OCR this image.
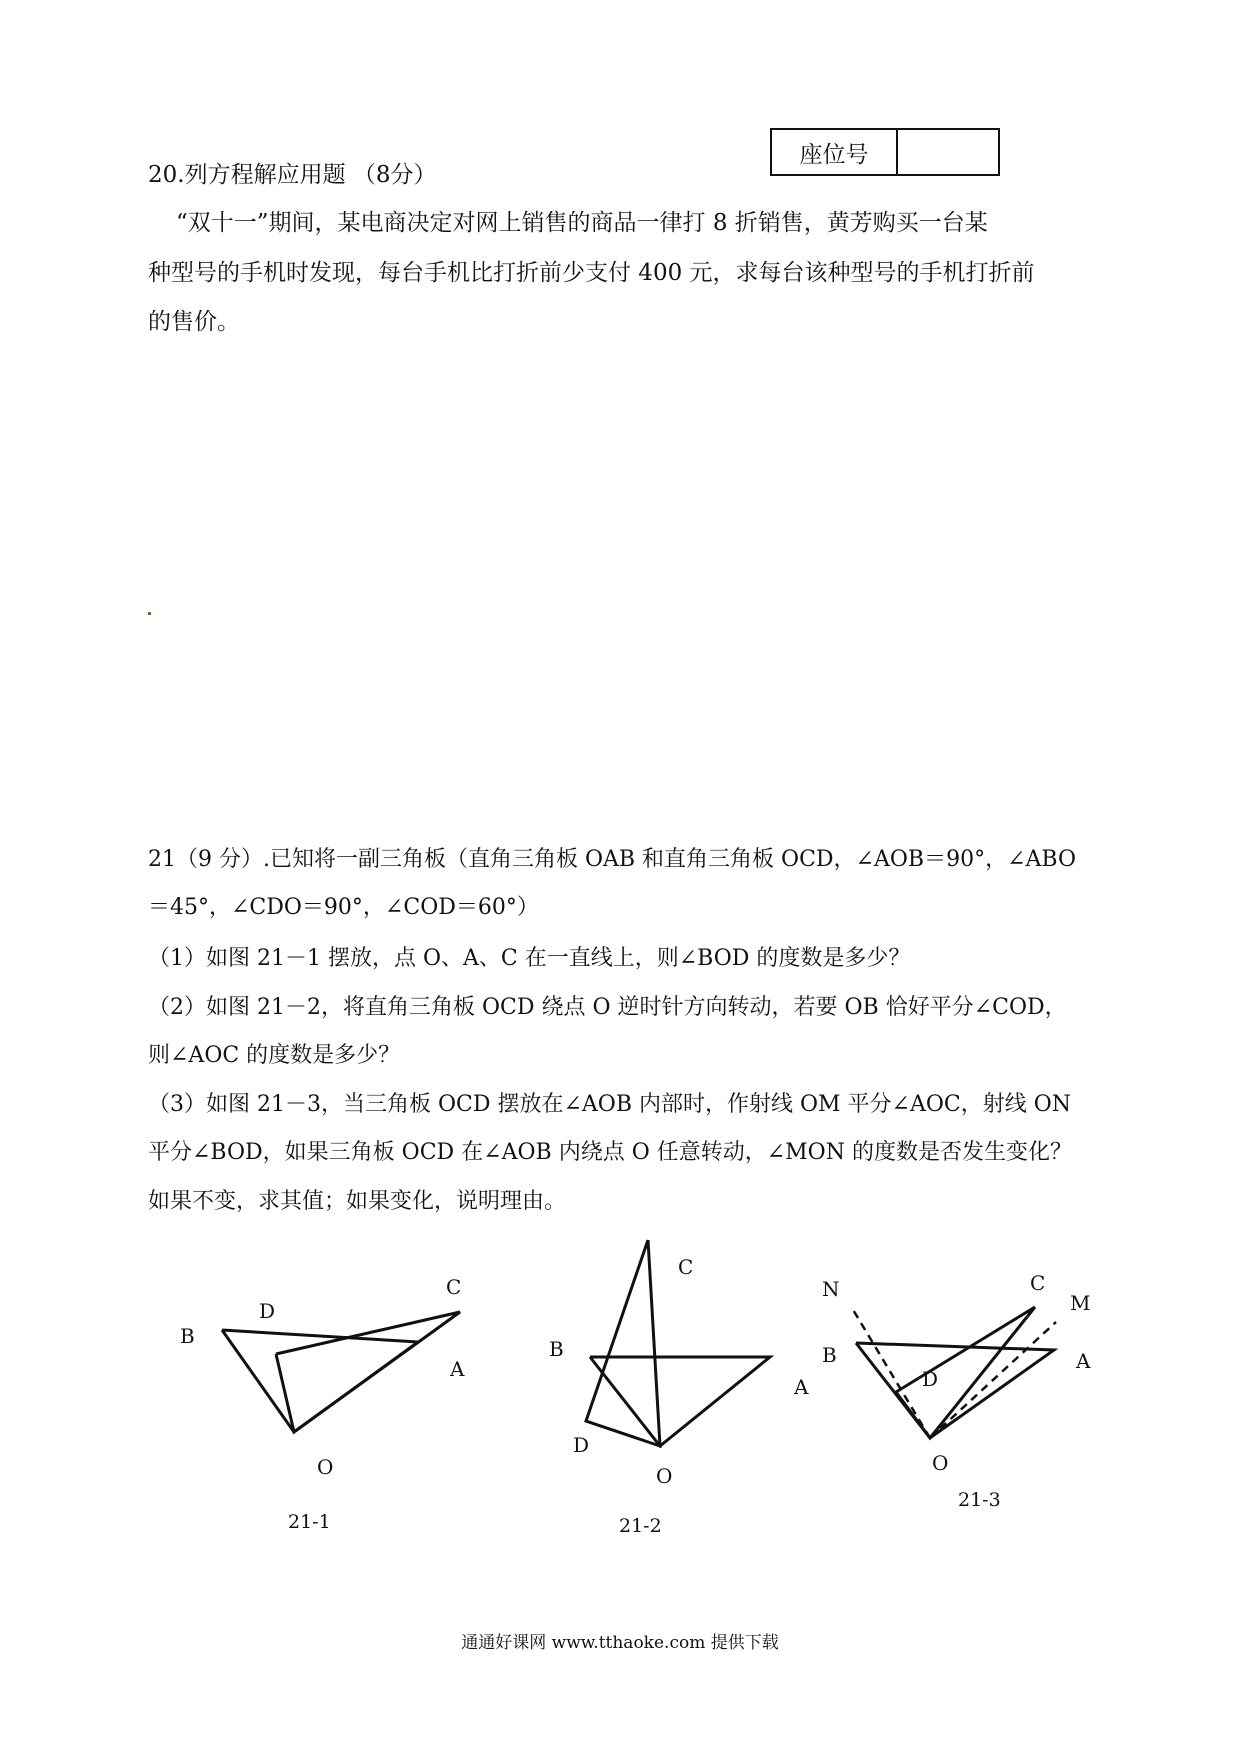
座位号
20.列方程解应用题 （8分）
“双十一”期间，某电商决定对网上销售的商品一律打 8 折销售，黄芳购买一台某
种型号的手机时发现，每台手机比打折前少支付 400 元，求每台该种型号的手机打折前
的售价。
21（9 分）.已知将一副三角板（直角三角板 OAB 和直角三角板 OCD，∠AOB＝90°，∠ABO
＝45°，∠CDO＝90°，∠COD＝60°）
（1）如图 21－1 摆放，点 O、A、C 在一直线上，则∠BOD 的度数是多少？
（2）如图 21－2，将直角三角板 OCD 绕点 O 逆时针方向转动，若要 OB 恰好平分∠COD，
则∠AOC 的度数是多少？
（3）如图 21－3，当三角板 OCD 摆放在∠AOB 内部时，作射线 OM 平分∠AOC，射线 ON
平分∠BOD，如果三角板 OCD 在∠AOB 内绕点 O 任意转动，∠MON 的度数是否发生变化？
如果不变，求其值；如果变化，说明理由。
B
D
C
A
O
21-1
C
B
A
D
O
21-2
N	C
M
B	A
D
O
21-3
通通好课网 www.tthaoke.com 提供下载
